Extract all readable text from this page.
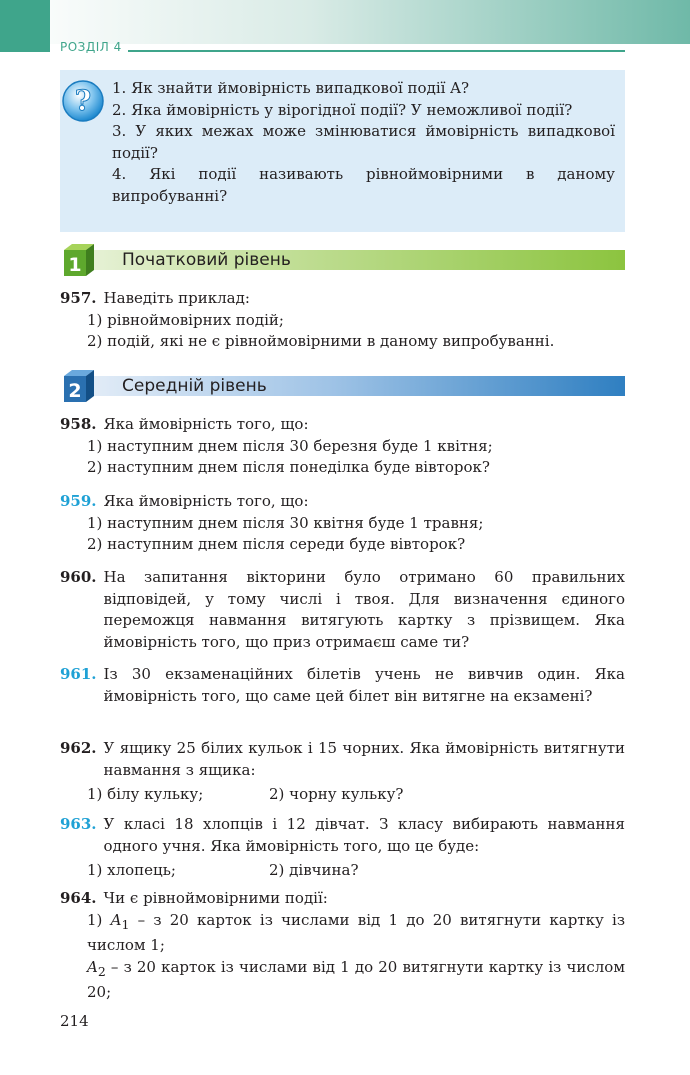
РОЗДІЛ 4
? 1. Як знайти ймовірність випадкової події A?
2. Яка ймовірність у вірогідної події? У неможливої події?
3. У яких межах може змінюватися ймовірність випадкової події?
4. Які події називають рівноймовірними в даному випробуванні?
1 Початковий рівень
957. Наведіть приклад:
1) рівноймовірних подій;
2) подій, які не є рівноймовірними в даному випробуванні.
2 Середній рівень
958. Яка ймовірність того, що:
1) наступним днем після 30 березня буде 1 квітня;
2) наступним днем після понеділка буде вівторок?
959. Яка ймовірність того, що:
1) наступним днем після 30 квітня буде 1 травня;
2) наступним днем після середи буде вівторок?
960. На запитання вікторини було отримано 60 правильних відповідей, у тому числі і твоя. Для визначення єдиного переможця навмання витягують картку з прізвищем. Яка ймовірність того, що приз отримаєш саме ти?
961. Із 30 екзаменаційних білетів учень не вивчив один. Яка ймовірність того, що саме цей білет він витягне на екзамені?
962. У ящику 25 білих кульок і 15 чорних. Яка ймовірність витягнути навмання з ящика:
1) білу кульку;	2) чорну кульку?
963. У класі 18 хлопців і 12 дівчат. З класу вибирають навмання одного учня. Яка ймовірність того, що це буде:
1) хлопець;	2) дівчина?
964. Чи є рівноймовірними події:
1) $A_1$ – з 20 карток із числами від 1 до 20 витягнути картку із числом 1;
$A_2$ – з 20 карток із числами від 1 до 20 витягнути картку із числом 20;
214
